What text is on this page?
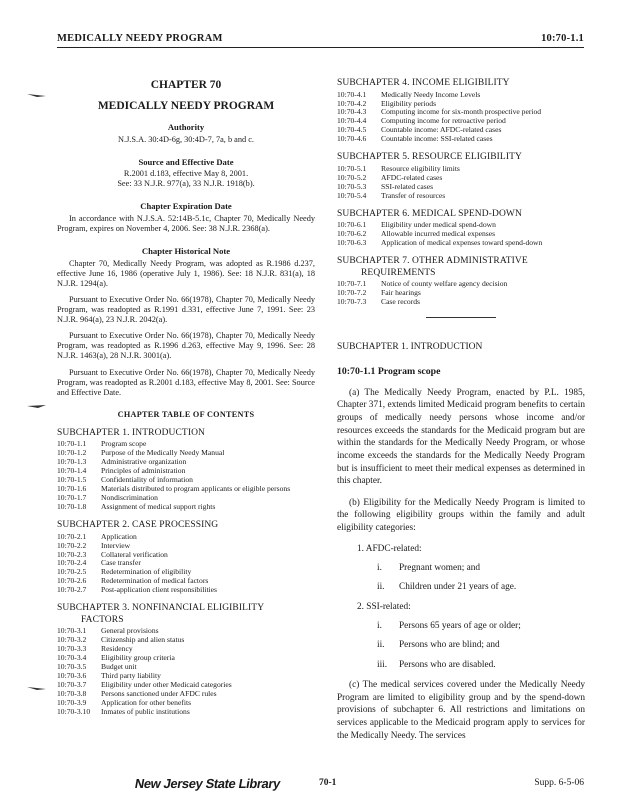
MEDICALLY NEEDY PROGRAM	10:70-1.1
CHAPTER 70
MEDICALLY NEEDY PROGRAM
Authority

N.J.S.A. 30:4D-6g, 30:4D-7, 7a, b and c.

Source and Effective Date

R.2001 d.183, effective May 8, 2001.

See: 33 N.J.R. 977(a), 33 N.J.R. 1918(b).

Chapter Expiration Date

In accordance with N.J.S.A. 52:14B-5.1c, Chapter 70, Medically Needy Program, expires on November 4, 2006. See: 38 N.J.R. 2368(a).

Chapter Historical Note

Chapter 70, Medically Needy Program, was adopted as R.1986 d.237, effective June 16, 1986 (operative July 1, 1986). See: 18 N.J.R. 831(a), 18 N.J.R. 1294(a).

Pursuant to Executive Order No. 66(1978), Chapter 70, Medically Needy Program, was readopted as R.1991 d.331, effective June 7, 1991. See: 23 N.J.R. 964(a), 23 N.J.R. 2042(a).

Pursuant to Executive Order No. 66(1978), Chapter 70, Medically Needy Program, was readopted as R.1996 d.263, effective May 9, 1996. See: 28 N.J.R. 1463(a), 28 N.J.R. 3001(a).

Pursuant to Executive Order No. 66(1978), Chapter 70, Medically Needy Program, was readopted as R.2001 d.183, effective May 8, 2001. See: Source and Effective Date.

CHAPTER TABLE OF CONTENTS

SUBCHAPTER 1. INTRODUCTION

10:70-1.1	Program scope
10:70-1.2	Purpose of the Medically Needy Manual
10:70-1.3	Administrative organization
10:70-1.4	Principles of administration
10:70-1.5	Confidentiality of information
10:70-1.6	Materials distributed to program applicants or eligible persons
10:70-1.7	Nondiscrimination
10:70-1.8	Assignment of medical support rights

SUBCHAPTER 2. CASE PROCESSING

10:70-2.1	Application
10:70-2.2	Interview
10:70-2.3	Collateral verification
10:70-2.4	Case transfer
10:70-2.5	Redetermination of eligibility
10:70-2.6	Redetermination of medical factors
10:70-2.7	Post-application client responsibilities

SUBCHAPTER 3. NONFINANCIAL ELIGIBILITY
FACTORS

10:70-3.1	General provisions
10:70-3.2	Citizenship and alien status
10:70-3.3	Residency
10:70-3.4	Eligibility group criteria
10:70-3.5	Budget unit
10:70-3.6	Third party liability
10:70-3.7	Eligibility under other Medicaid categories
10:70-3.8	Persons sanctioned under AFDC rules
10:70-3.9	Application for other benefits
10:70-3.10	Inmates of public institutions

SUBCHAPTER 4. INCOME ELIGIBILITY

10:70-4.1	Medically Needy Income Levels
10:70-4.2	Eligibility periods
10:70-4.3	Computing income for six-month prospective period
10:70-4.4	Computing income for retroactive period
10:70-4.5	Countable income: AFDC-related cases
10:70-4.6	Countable income: SSI-related cases

SUBCHAPTER 5. RESOURCE ELIGIBILITY

10:70-5.1	Resource eligibility limits
10:70-5.2	AFDC-related cases
10:70-5.3	SSI-related cases
10:70-5.4	Transfer of resources

SUBCHAPTER 6. MEDICAL SPEND-DOWN

10:70-6.1	Eligibility under medical spend-down
10:70-6.2	Allowable incurred medical expenses
10:70-6.3	Application of medical expenses toward spend-down

SUBCHAPTER 7. OTHER ADMINISTRATIVE
REQUIREMENTS

10:70-7.1	Notice of county welfare agency decision
10:70-7.2	Fair hearings
10:70-7.3	Case records

SUBCHAPTER 1. INTRODUCTION

10:70-1.1 Program scope

(a) The Medically Needy Program, enacted by P.L. 1985, Chapter 371, extends limited Medicaid program benefits to certain groups of medically needy persons whose income and/or resources exceeds the standards for the Medicaid program but are within the standards for the Medically Needy Program, or whose income exceeds the standards for the Medically Needy Program but is insufficient to meet their medical expenses as determined in this chapter.

(b) Eligibility for the Medically Needy Program is limited to the following eligibility groups within the family and adult eligibility categories:

1. AFDC-related:

i.	Pregnant women; and

ii.	Children under 21 years of age.

2. SSI-related:

i.	Persons 65 years of age or older;

ii.	Persons who are blind; and

iii.	Persons who are disabled.

(c) The medical services covered under the Medically Needy Program are limited to eligibility group and by the spend-down provisions of subchapter 6. All restrictions and limitations on services applicable to the Medicaid program apply to services for the Medically Needy. The services

New Jersey State Library	70-1	Supp. 6-5-06
